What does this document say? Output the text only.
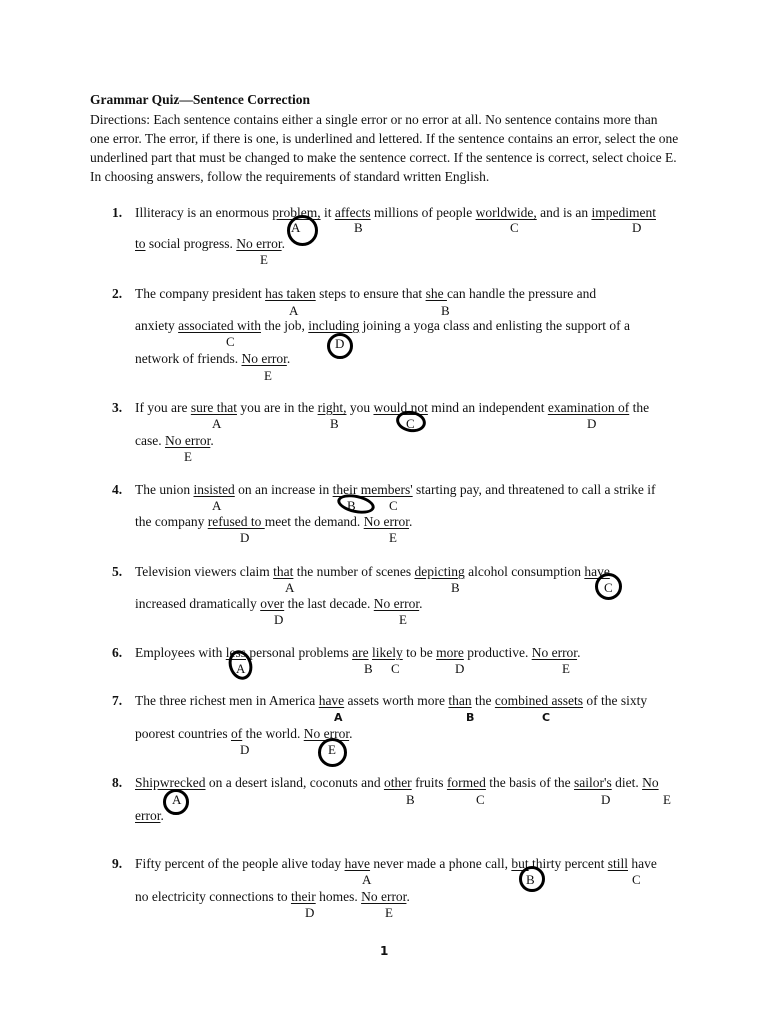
Grammar Quiz—Sentence Correction
Directions: Each sentence contains either a single error or no error at all. No sentence contains more than one error. The error, if there is one, is underlined and lettered. If the sentence contains an error, select the one underlined part that must be changed to make the sentence correct. If the sentence is correct, select choice E. In choosing answers, follow the requirements of standard written English.
1. Illiteracy is an enormous problem, it affects millions of people worldwide, and is an impediment
to social progress. No error.
A	B	C	D
E
2. The company president has taken steps to ensure that she can handle the pressure and
anxiety associated with the job, including joining a yoga class and enlisting the support of a
network of friends. No error.
A	B
C	D
E
3. If you are sure that you are in the right, you would not mind an independent examination of the
case. No error.
A	B	C	D
E
4. The union insisted on an increase in their members' starting pay, and threatened to call a strike if
the company refused to meet the demand. No error.
A	B	C
D	E
5. Television viewers claim that the number of scenes depicting alcohol consumption have
increased dramatically over the last decade. No error.
A	B	C
D	E
6. Employees with less personal problems are likely to be more productive. No error.
A	B C	D	E
7. The three richest men in America have assets worth more than the combined assets of the sixty
poorest countries of the world. No error.
A	B	C
D	E
8. Shipwrecked on a desert island, coconuts and other fruits formed the basis of the sailor's diet. No
error.
A	B	C	D	E
9. Fifty percent of the people alive today have never made a phone call, but thirty percent still have
no electricity connections to their homes. No error.
A	B	C
D	E
1
